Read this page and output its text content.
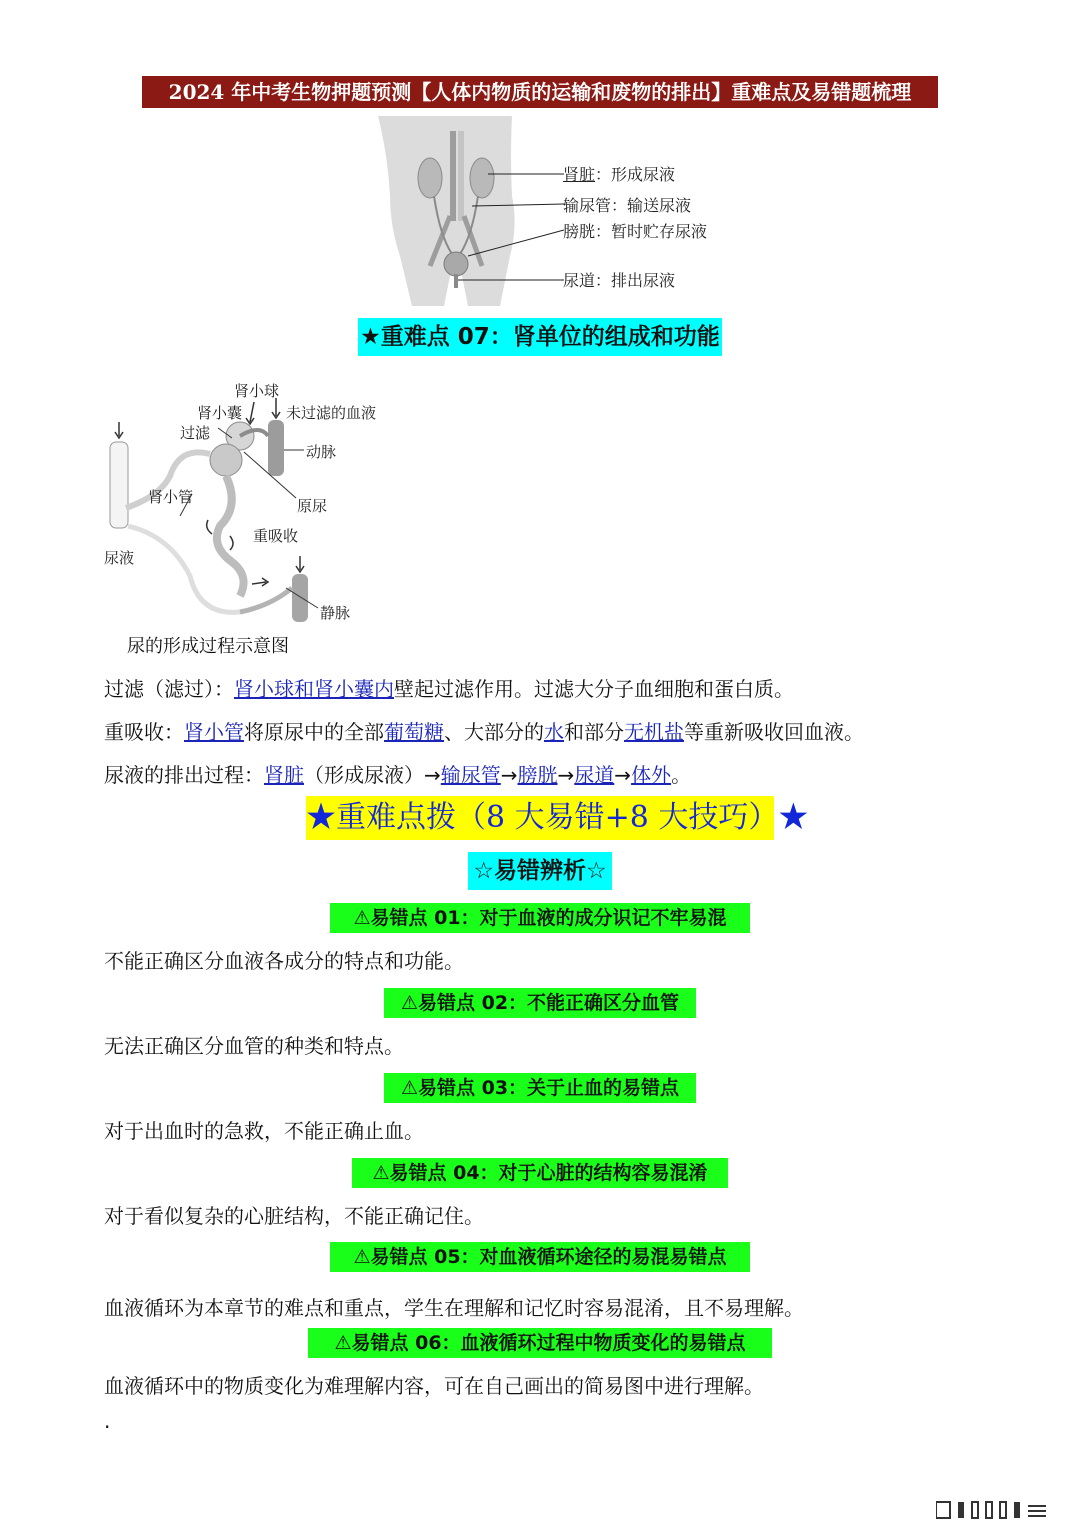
2024 年中考生物押题预测【人体内物质的运输和废物的排出】重难点及易错题梳理
肾脏：形成尿液
输尿管：输送尿液
膀胱：暂时贮存尿液
尿道：排出尿液
★重难点 07：肾单位的组成和功能
肾小球
肾小囊	未过滤的血液
过滤
动脉
肾小管	原尿
重吸收
尿液
静脉
尿的形成过程示意图
过滤（滤过）：肾小球和肾小囊内壁起过滤作用。过滤大分子血细胞和蛋白质。
重吸收：肾小管将原尿中的全部葡萄糖、大部分的水和部分无机盐等重新吸收回血液。
尿液的排出过程：肾脏（形成尿液）→输尿管→膀胱→尿道→体外。
★重难点拨（8 大易错+8 大技巧）★
☆易错辨析☆
⚠易错点 01：对于血液的成分识记不牢易混
不能正确区分血液各成分的特点和功能。
⚠易错点 02：不能正确区分血管
无法正确区分血管的种类和特点。
⚠易错点 03：关于止血的易错点
对于出血时的急救，不能正确止血。
⚠易错点 04：对于心脏的结构容易混淆
对于看似复杂的心脏结构，不能正确记住。
⚠易错点 05：对血液循环途径的易混易错点
血液循环为本章节的难点和重点，学生在理解和记忆时容易混淆，且不易理解。
⚠易错点 06：血液循环过程中物质变化的易错点
血液循环中的物质变化为难理解内容，可在自己画出的简易图中进行理解。
·
